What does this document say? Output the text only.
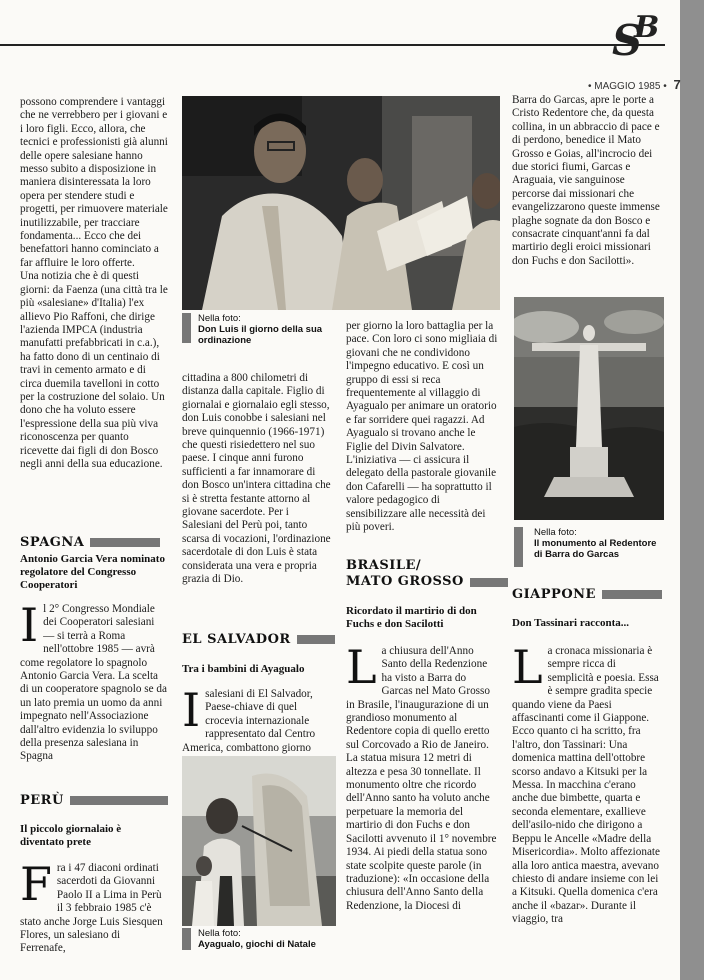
S
B
• MAGGIO 1985 • 7

possono comprendere i vantaggi che ne verrebbero per i giovani e i loro figli. Ecco, allora, che tecnici e professionisti già alunni delle opere salesiane hanno messo subito a disposizione in maniera disinteressata la loro opera per stendere studi e progetti, per rimuovere materiale inutilizzabile, per tracciare fondamenta... Ecco che dei benefattori hanno cominciato a far affluire le loro offerte.

Una notizia che è di questi giorni: da Faenza (una città tra le più «salesiane» d'Italia) l'ex allievo Pio Raffoni, che dirige l'azienda IMPCA (industria manufatti prefabbricati in c.a.), ha fatto dono di un centinaio di travi in cemento armato e di circa duemila tavelloni in cotto per la costruzione del solaio. Un dono che ha voluto essere l'espressione della sua più viva riconoscenza per quanto ricevette dai figli di don Bosco negli anni della sua educazione.

SPAGNA
Antonio Garcia Vera nominato regolatore del Congresso Cooperatori
I l 2° Congresso Mondiale dei Cooperatori salesiani — si terrà a Roma nell'ottobre 1985 — avrà come regolatore lo spagnolo Antonio Garcia Vera. La scelta di un cooperatore spagnolo se da un lato premia un uomo da anni impegnato nell'Associazione dall'altro evidenzia lo sviluppo della presenza salesiana in Spagna
PERÙ
Il piccolo giornalaio è diventato prete
F ra i 47 diaconi ordinati sacerdoti da Giovanni Paolo II a Lima in Perù il 3 febbraio 1985 c'è stato anche Jorge Luis Siesquen Flores, un salesiano di Ferrenafe,
Nella foto:
Don Luis il giorno della sua ordinazione
cittadina a 800 chilometri di distanza dalla capitale. Figlio di giornalai e giornalaio egli stesso, don Luis conobbe i salesiani nel breve quinquennio (1966-1971) che questi risiedettero nel suo paese. I cinque anni furono sufficienti a far innamorare di don Bosco un'intera cittadina che si è stretta festante attorno al giovane sacerdote. Per i Salesiani del Perù poi, tanto scarsa di vocazioni, l'ordinazione sacerdotale di don Luis è stata considerata una vera e propria grazia di Dio.
EL SALVADOR
Tra i bambini di Ayagualo
I salesiani di El Salvador, Paese-chiave di quel crocevia internazionale rappresentato dal Centro America, combattono giorno
Nella foto:
Ayagualo, giochi di Natale
per giorno la loro battaglia per la pace. Con loro ci sono migliaia di giovani che ne condividono l'impegno educativo. E così un gruppo di essi si reca frequentemente al villaggio di Ayagualo per animare un oratorio e far sorridere quei ragazzi. Ad Ayagualo si trovano anche le Figlie del Divin Salvatore. L'iniziativa — ci assicura il delegato della pastorale giovanile don Cafarelli — ha soprattutto il valore pedagogico di sensibilizzare alle necessità dei più poveri.
BRASILE/
MATO GROSSO
Ricordato il martirio di don Fuchs e don Sacilotti

L a chiusura dell'Anno Santo della Redenzione ha visto a Barra do Garcas nel Mato Grosso in Brasile, l'inaugurazione di un grandioso monumento al Redentore copia di quello eretto sul Corcovado a Rio de Janeiro.

La statua misura 12 metri di altezza e pesa 30 tonnellate. Il monumento oltre che ricordo dell'Anno santo ha voluto anche perpetuare la memoria del martirio di don Fuchs e don Sacilotti avvenuto il 1° novembre 1934. Ai piedi della statua sono state scolpite queste parole (in traduzione): «In occasione della chiusura dell'Anno Santo della Redenzione, la Diocesi di

Barra do Garcas, apre le porte a Cristo Redentore che, da questa collina, in un abbraccio di pace e di perdono, benedice il Mato Grosso e Goias, all'incrocio dei due storici fiumi, Garcas e Araguaia, vie sanguinose percorse dai missionari che evangelizzarono queste immense plaghe sognate da don Bosco e consacrate cinquant'anni fa dal martirio degli eroici missionari don Fuchs e don Sacilotti».
Nella foto:
Il monumento al Redentore di Barra do Garcas
GIAPPONE
Don Tassinari racconta...

L a cronaca missionaria è sempre ricca di semplicità e poesia. Essa è sempre gradita specie quando viene da Paesi affascinanti come il Giappone.

Ecco quanto ci ha scritto, fra l'altro, don Tassinari: Una domenica mattina dell'ottobre scorso andavo a Kitsuki per la Messa. In macchina c'erano anche due bimbette, quarta e seconda elementare, exallieve dell'asilo-nido che dirigono a Beppu le Ancelle «Madre della Misericordia». Molto affezionate alla loro antica maestra, avevano chiesto di andare insieme con lei a Kitsuki. Quella domenica c'era anche il «bazar». Durante il viaggio, tra
